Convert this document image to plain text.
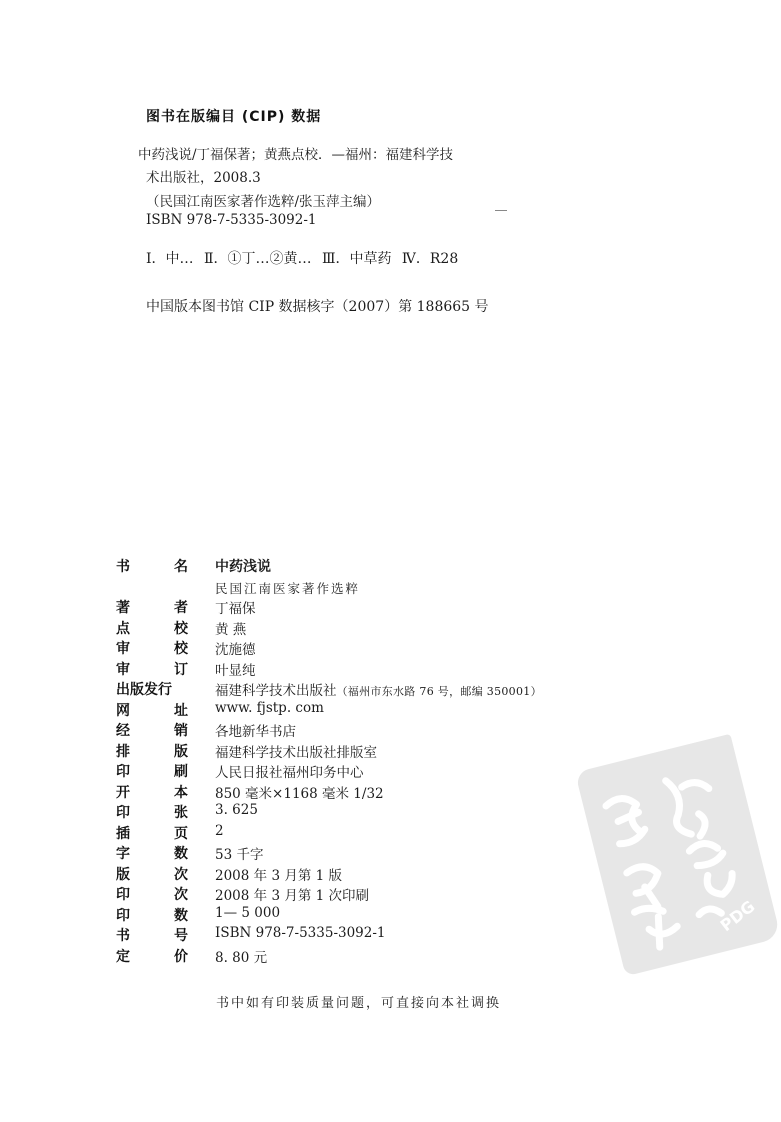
图书在版编目 (CIP) 数据
中药浅说/丁福保著；黄燕点校．—福州：福建科学技
术出版社，2008.3
（民国江南医家著作选粹/张玉萍主编）
ISBN 978-7-5335-3092-1
Ⅰ．中… Ⅱ．①丁…②黄… Ⅲ．中草药 Ⅳ．R28
中国版本图书馆 CIP 数据核字（2007）第 188665 号
书	名 中药浅说
民国江南医家著作选粹
著	者 丁福保
点	校 黄 燕
审	校 沈施德
审	订 叶显纯
出版发行	福建科学技术出版社（福州市东水路 76 号，邮编 350001）
网	址 www. fjstp. com
经	销 各地新华书店
排	版 福建科学技术出版社排版室
印	刷 人民日报社福州印务中心
开	本 850 毫米×1168 毫米 1/32
印	张 3. 625
插	页 2
字	数 53 千字
版	次 2008 年 3 月第 1 版
印	次 2008 年 3 月第 1 次印刷
印	数 1— 5 000
书	号 ISBN 978-7-5335-3092-1
定	价 8. 80 元
书中如有印装质量问题，可直接向本社调换
PDG
